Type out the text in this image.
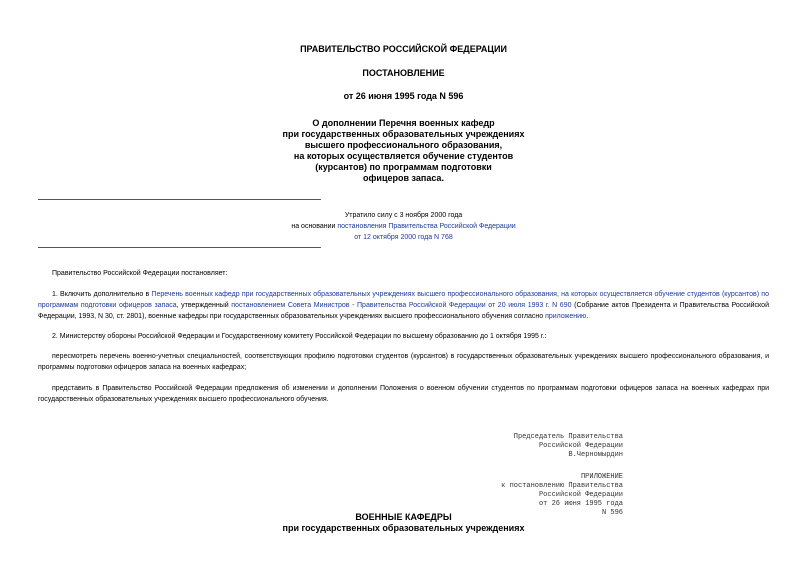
ПРАВИТЕЛЬСТВО РОССИЙСКОЙ ФЕДЕРАЦИИ
ПОСТАНОВЛЕНИЕ
от 26 июня 1995 года N 596
О дополнении Перечня военных кафедр
при государственных образовательных учреждениях
высшего профессионального образования,
на которых осуществляется обучение студентов
(курсантов) по программам подготовки
офицеров запаса.
Утратило силу с 3 ноября 2000 года
на основании постановления Правительства Российской Федерации
от 12 октября 2000 года N 768
Правительство Российской Федерации постановляет:
1. Включить дополнительно в Перечень военных кафедр при государственных образовательных учреждениях высшего профессионального образования, на которых осуществляется обучение студентов (курсантов) по программам подготовки офицеров запаса, утвержденный постановлением Совета Министров - Правительства Российской Федерации от 20 июля 1993 г. N 690 (Собрание актов Президента и Правительства Российской Федерации, 1993, N 30, ст. 2801), военные кафедры при государственных образовательных учреждениях высшего профессионального обучения согласно приложению.
2. Министерству обороны Российской Федерации и Государственному комитету Российской Федерации по высшему образованию до 1 октября 1995 г.:
пересмотреть перечень военно-учетных специальностей, соответствующих профилю подготовки студентов (курсантов) в государственных образовательных учреждениях высшего профессионального образования, и программы подготовки офицеров запаса на военных кафедрах;
представить в Правительство Российской Федерации предложения об изменении и дополнении Положения о военном обучении студентов по программам подготовки офицеров запаса на военных кафедрах при государственных образовательных учреждениях высшего профессионального обучения.
Председатель Правительства
Российской Федерации
В.Черномырдин
ПРИЛОЖЕНИЕ
к постановлению Правительства
Российской Федерации
от 26 июня 1995 года
N 596
ВОЕННЫЕ КАФЕДРЫ
при государственных образовательных учреждениях
